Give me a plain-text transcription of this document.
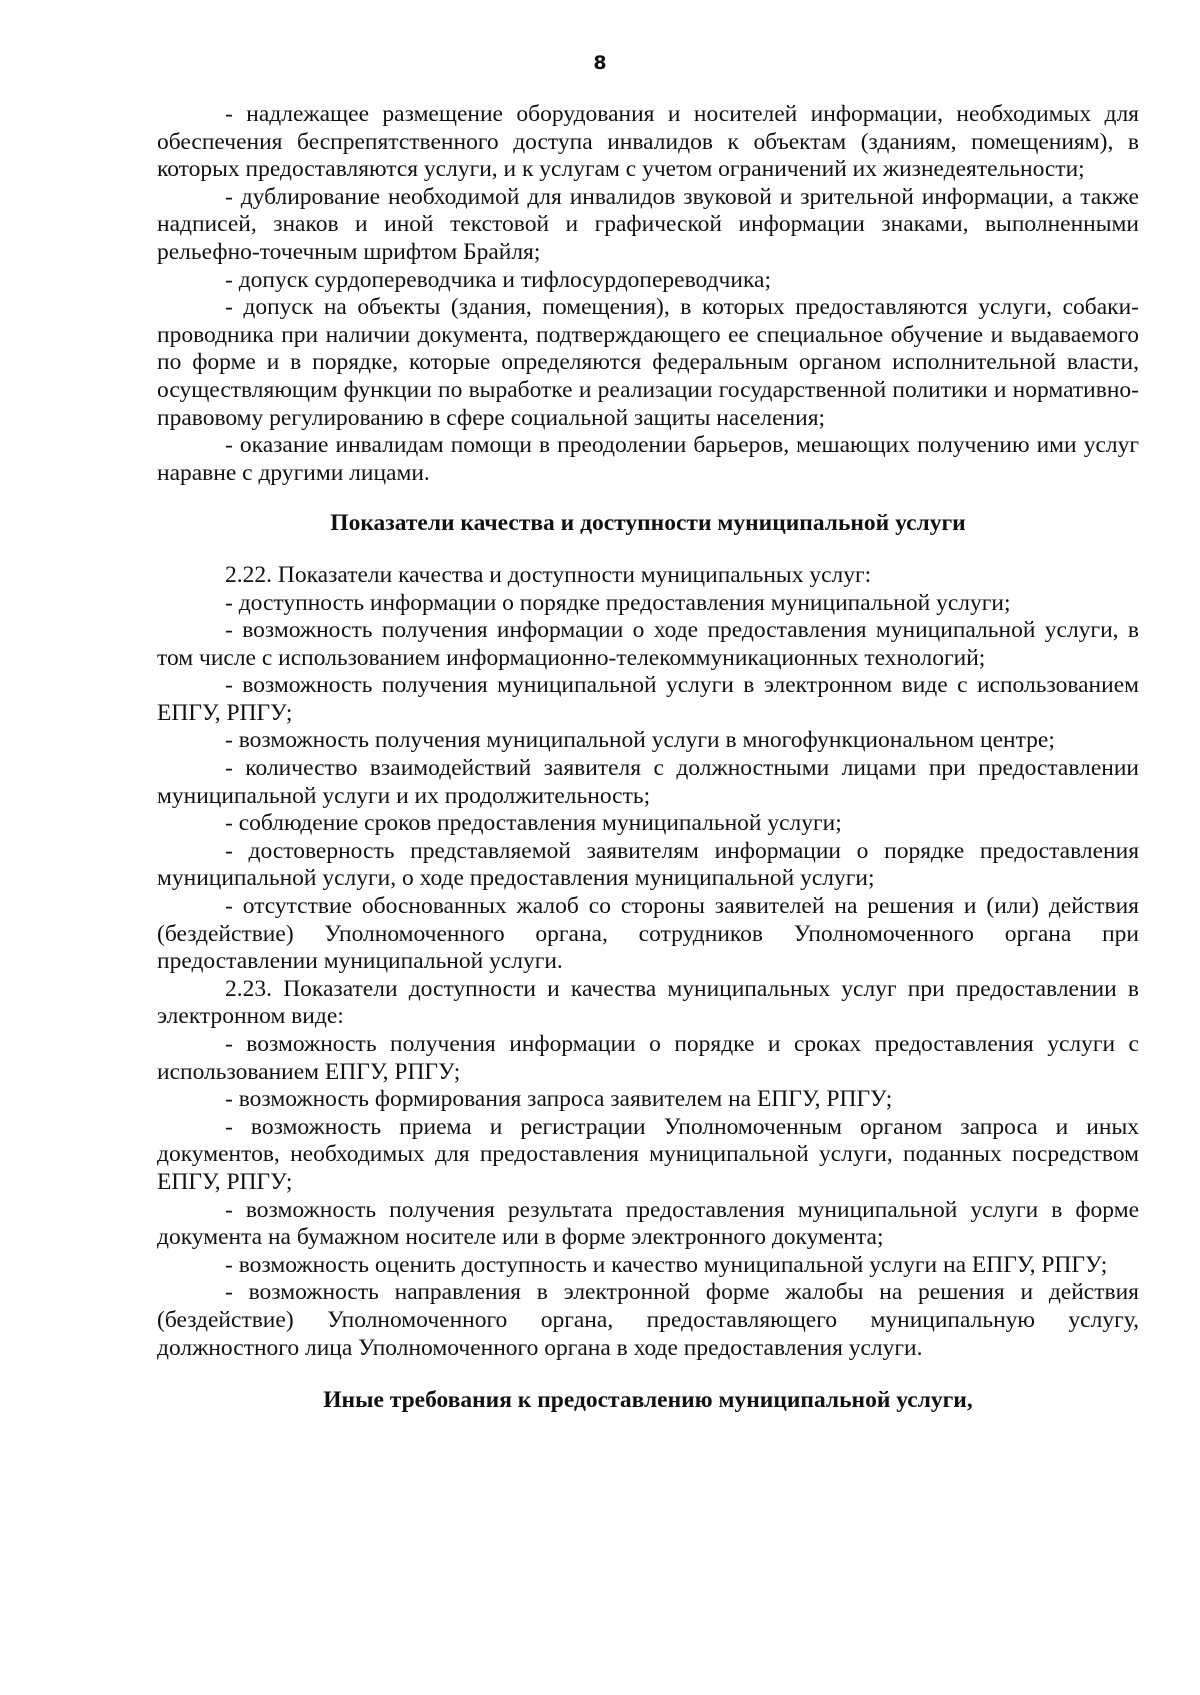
8

- надлежащее размещение оборудования и носителей информации, необходимых для обеспечения беспрепятственного доступа инвалидов к объектам (зданиям, помещениям), в которых предоставляются услуги, и к услугам с учетом ограничений их жизнедеятельности;

- дублирование необходимой для инвалидов звуковой и зрительной информации, а также надписей, знаков и иной текстовой и графической информации знаками, выполненными рельефно-точечным шрифтом Брайля;

- допуск сурдопереводчика и тифлосурдопереводчика;

- допуск на объекты (здания, помещения), в которых предоставляются услуги, собаки-проводника при наличии документа, подтверждающего ее специальное обучение и выдаваемого по форме и в порядке, которые определяются федеральным органом исполнительной власти, осуществляющим функции по выработке и реализации государственной политики и нормативно-правовому регулированию в сфере социальной защиты населения;

- оказание инвалидам помощи в преодолении барьеров, мешающих получению ими услуг наравне с другими лицами.

Показатели качества и доступности муниципальной услуги

2.22. Показатели качества и доступности муниципальных услуг:

- доступность информации о порядке предоставления муниципальной услуги;

- возможность получения информации о ходе предоставления муниципальной услуги, в том числе с использованием информационно-телекоммуникационных технологий;

- возможность получения муниципальной услуги в электронном виде с использованием ЕПГУ, РПГУ;

- возможность получения муниципальной услуги в многофункциональном центре;

- количество взаимодействий заявителя с должностными лицами при предоставлении муниципальной услуги и их продолжительность;

- соблюдение сроков предоставления муниципальной услуги;

- достоверность представляемой заявителям информации о порядке предоставления муниципальной услуги, о ходе предоставления муниципальной услуги;

- отсутствие обоснованных жалоб со стороны заявителей на решения и (или) действия (бездействие) Уполномоченного органа, сотрудников Уполномоченного органа при предоставлении муниципальной услуги.

2.23. Показатели доступности и качества муниципальных услуг при предоставлении в электронном виде:

- возможность получения информации о порядке и сроках предоставления услуги с использованием ЕПГУ, РПГУ;

- возможность формирования запроса заявителем на ЕПГУ, РПГУ;

- возможность приема и регистрации Уполномоченным органом запроса и иных документов, необходимых для предоставления муниципальной услуги, поданных посредством ЕПГУ, РПГУ;

- возможность получения результата предоставления муниципальной услуги в форме документа на бумажном носителе или в форме электронного документа;

- возможность оценить доступность и качество муниципальной услуги на ЕПГУ, РПГУ;

- возможность направления в электронной форме жалобы на решения и действия (бездействие) Уполномоченного органа, предоставляющего муниципальную услугу, должностного лица Уполномоченного органа в ходе предоставления услуги.

Иные требования к предоставлению муниципальной услуги,
